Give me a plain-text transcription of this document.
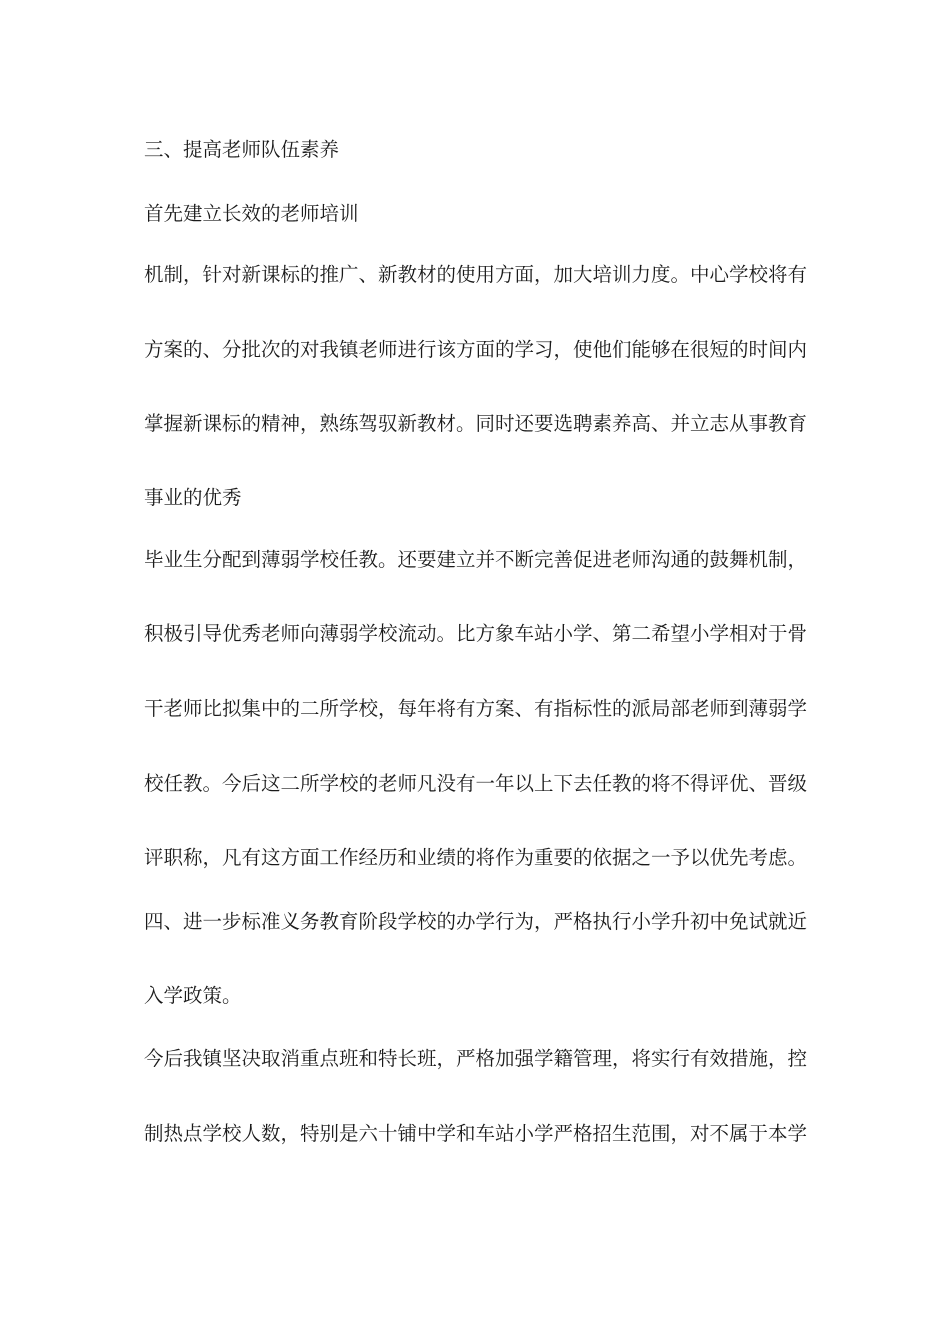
三、提高老师队伍素养
首先建立长效的老师培训
机制，针对新课标的推广、新教材的使用方面，加大培训力度。中心学校将有
方案的、分批次的对我镇老师进行该方面的学习，使他们能够在很短的时间内
掌握新课标的精神，熟练驾驭新教材。同时还要选聘素养高、并立志从事教育
事业的优秀
毕业生分配到薄弱学校任教。还要建立并不断完善促进老师沟通的鼓舞机制，
积极引导优秀老师向薄弱学校流动。比方象车站小学、第二希望小学相对于骨
干老师比拟集中的二所学校，每年将有方案、有指标性的派局部老师到薄弱学
校任教。今后这二所学校的老师凡没有一年以上下去任教的将不得评优、晋级
评职称，凡有这方面工作经历和业绩的将作为重要的依据之一予以优先考虑。
四、进一步标准义务教育阶段学校的办学行为，严格执行小学升初中免试就近
入学政策。
今后我镇坚决取消重点班和特长班，严格加强学籍管理，将实行有效措施，控
制热点学校人数，特别是六十铺中学和车站小学严格招生范围，对不属于本学
